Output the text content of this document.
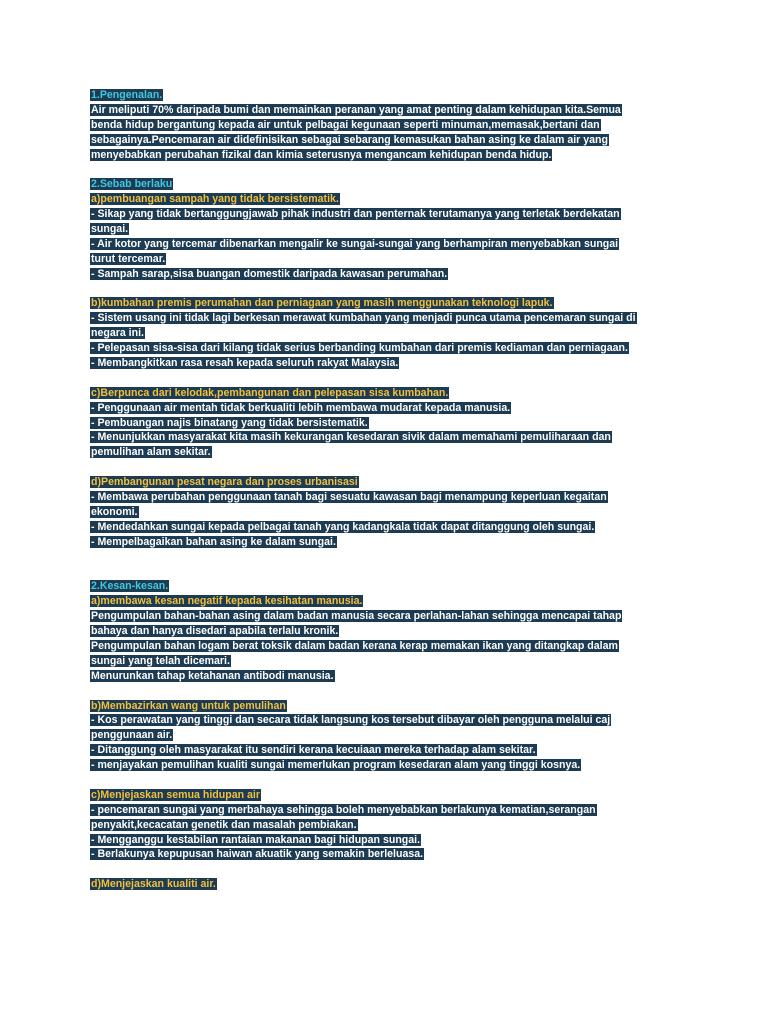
1.Pengenalan.
Air meliputi 70% daripada bumi dan memainkan peranan yang amat penting dalam kehidupan kita.Semua
benda hidup bergantung kepada air untuk pelbagai kegunaan seperti minuman,memasak,bertani dan
sebagainya.Pencemaran air didefinisikan sebagai sebarang kemasukan bahan asing ke dalam air yang
menyebabkan perubahan fizikal dan kimia seterusnya mengancam kehidupan benda hidup.
2.Sebab berlaku
a)pembuangan sampah yang tidak bersistematik.
- Sikap yang tidak bertanggungjawab pihak industri dan penternak terutamanya yang terletak berdekatan
sungai.
- Air kotor yang tercemar dibenarkan mengalir ke sungai-sungai yang berhampiran menyebabkan sungai
turut tercemar.
- Sampah sarap,sisa buangan domestik daripada kawasan perumahan.
b)kumbahan premis perumahan dan perniagaan yang masih menggunakan teknologi lapuk.
- Sistem usang ini tidak lagi berkesan merawat kumbahan yang menjadi punca utama pencemaran sungai di
negara ini.
- Pelepasan sisa-sisa dari kilang tidak serius berbanding kumbahan dari premis kediaman dan perniagaan.
- Membangkitkan rasa resah kepada seluruh rakyat Malaysia.
c)Berpunca dari kelodak,pembangunan dan pelepasan sisa kumbahan.
- Penggunaan air mentah tidak berkualiti lebih membawa mudarat kepada manusia.
- Pembuangan najis binatang yang tidak bersistematik.
- Menunjukkan masyarakat kita masih kekurangan kesedaran sivik dalam memahami pemuliharaan dan
pemulihan alam sekitar.
d)Pembangunan pesat negara dan proses urbanisasi
- Membawa perubahan penggunaan tanah bagi sesuatu kawasan bagi menampung keperluan kegaitan
ekonomi.
- Mendedahkan sungai kepada pelbagai tanah yang kadangkala tidak dapat ditanggung oleh sungai.
- Mempelbagaikan bahan asing ke dalam sungai.
2.Kesan-kesan.
a)membawa kesan negatif kepada kesihatan manusia.
Pengumpulan bahan-bahan asing dalam badan manusia secara perlahan-lahan sehingga mencapai tahap
bahaya dan hanya disedari apabila terlalu kronik.
Pengumpulan bahan logam berat toksik dalam badan kerana kerap memakan ikan yang ditangkap dalam
sungai yang telah dicemari.
Menurunkan tahap ketahanan antibodi manusia.
b)Membazirkan wang untuk pemulihan
- Kos perawatan yang tinggi dan secara tidak langsung kos tersebut dibayar oleh pengguna melalui caj
penggunaan air.
- Ditanggung oleh masyarakat itu sendiri kerana kecuiaan mereka terhadap alam sekitar.
- menjayakan pemulihan kualiti sungai memerlukan program kesedaran alam yang tinggi kosnya.
c)Menjejaskan semua hidupan air
- pencemaran sungai yang merbahaya sehingga boleh menyebabkan berlakunya kematian,serangan
penyakit,kecacatan genetik dan masalah pembiakan.
- Mengganggu kestabilan rantaian makanan bagi hidupan sungai.
- Berlakunya kepupusan haiwan akuatik yang semakin berleluasa.
d)Menjejaskan kualiti air.
